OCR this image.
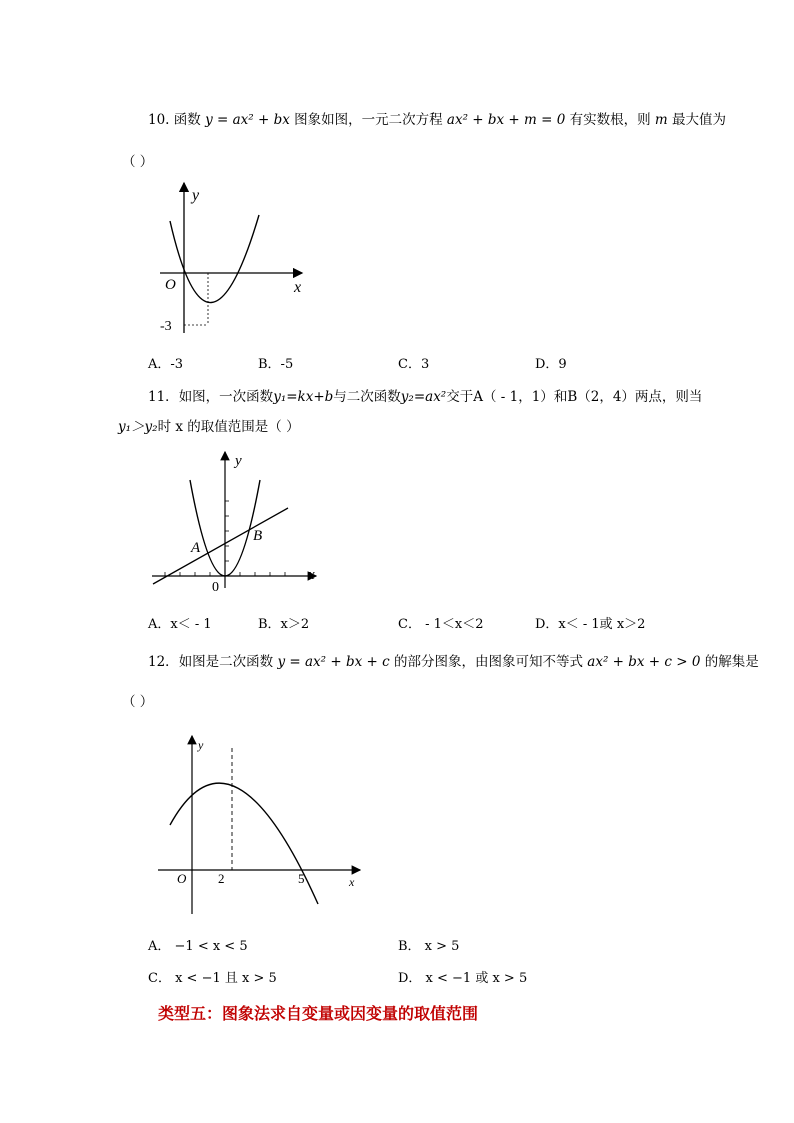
10. 函数 y = ax² + bx 图象如图，一元二次方程 ax² + bx + m = 0 有实数根，则 m 最大值为
（ ）
y
x
O
-3
A．-3	B．-5	C．3	D．9
11．如图，一次函数y₁=kx+b与二次函数y₂=ax²交于A（ - 1，1）和B（2，4）两点，则当
y₁＞y₂时 x 的取值范围是（ ）
y
x
0
A
B
A．x＜ - 1	B．x＞2	C． - 1＜x＜2	D．x＜ - 1或 x＞2
12．如图是二次函数 y = ax² + bx + c 的部分图象，由图象可知不等式 ax² + bx + c > 0 的解集是
（ ）
y
x
O 2	5
A． −1 < x < 5	B． x > 5
C． x < −1 且 x > 5	D． x < −1 或 x > 5
类型五：图象法求自变量或因变量的取值范围
